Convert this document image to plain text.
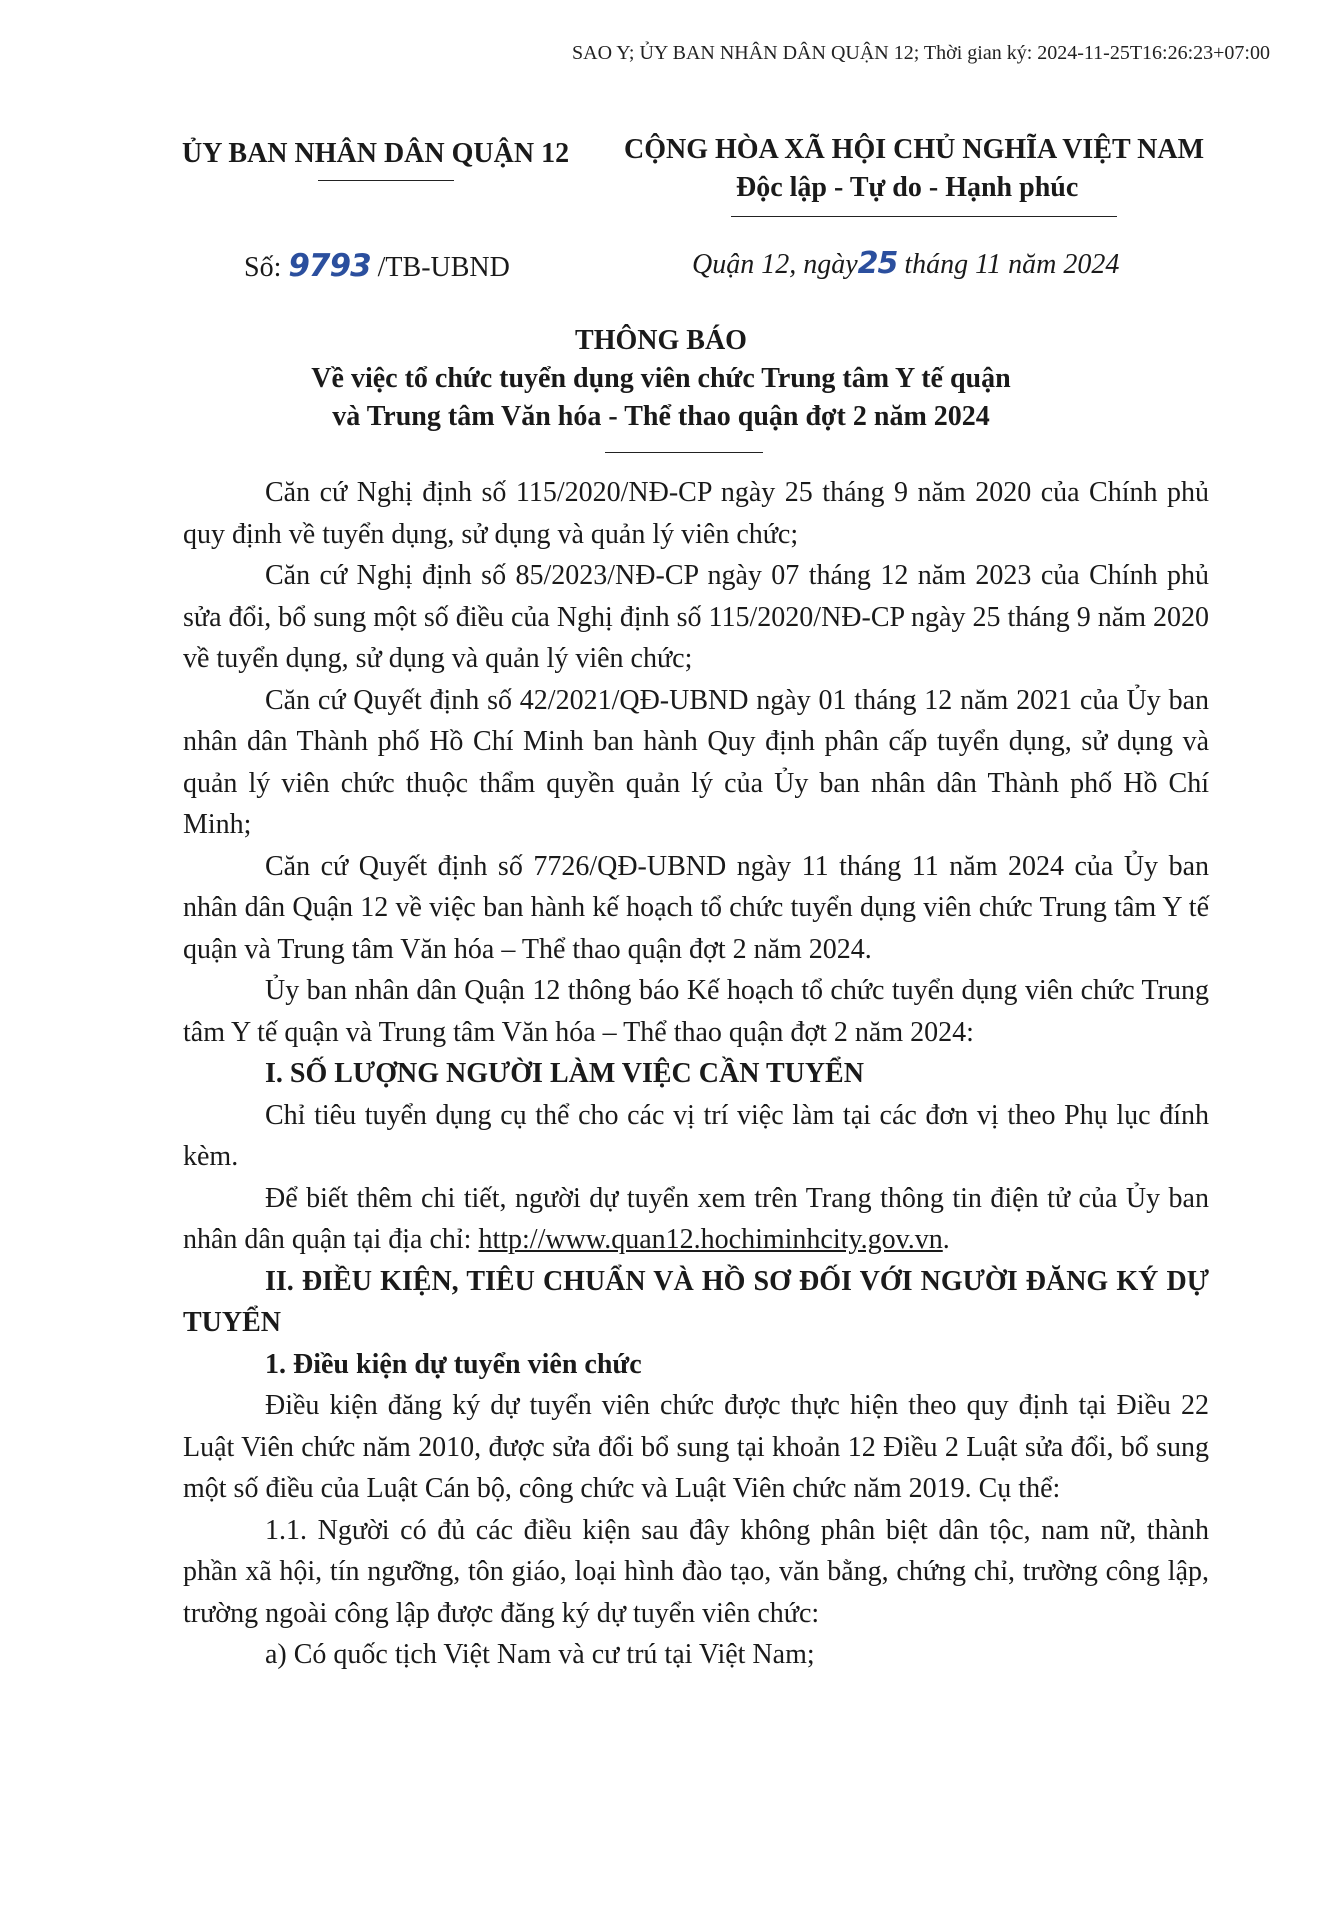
SAO Y; ỦY BAN NHÂN DÂN QUẬN 12; Thời gian ký: 2024-11-25T16:26:23+07:00
ỦY BAN NHÂN DÂN QUẬN 12 CỘNG HÒA XÃ HỘI CHỦ NGHĨA VIỆT NAM
Độc lập - Tự do - Hạnh phúc
Số: 9793 /TB-UBND	Quận 12, ngày25 tháng 11 năm 2024
THÔNG BÁO
Về việc tổ chức tuyển dụng viên chức Trung tâm Y tế quận
và Trung tâm Văn hóa - Thể thao quận đợt 2 năm 2024

Căn cứ Nghị định số 115/2020/NĐ-CP ngày 25 tháng 9 năm 2020 của Chính phủ quy định về tuyển dụng, sử dụng và quản lý viên chức;

Căn cứ Nghị định số 85/2023/NĐ-CP ngày 07 tháng 12 năm 2023 của Chính phủ sửa đổi, bổ sung một số điều của Nghị định số 115/2020/NĐ-CP ngày 25 tháng 9 năm 2020 về tuyển dụng, sử dụng và quản lý viên chức;

Căn cứ Quyết định số 42/2021/QĐ-UBND ngày 01 tháng 12 năm 2021 của Ủy ban nhân dân Thành phố Hồ Chí Minh ban hành Quy định phân cấp tuyển dụng, sử dụng và quản lý viên chức thuộc thẩm quyền quản lý của Ủy ban nhân dân Thành phố Hồ Chí Minh;

Căn cứ Quyết định số 7726/QĐ-UBND ngày 11 tháng 11 năm 2024 của Ủy ban nhân dân Quận 12 về việc ban hành kế hoạch tổ chức tuyển dụng viên chức Trung tâm Y tế quận và Trung tâm Văn hóa – Thể thao quận đợt 2 năm 2024.

Ủy ban nhân dân Quận 12 thông báo Kế hoạch tổ chức tuyển dụng viên chức Trung tâm Y tế quận và Trung tâm Văn hóa – Thể thao quận đợt 2 năm 2024:

I. SỐ LƯỢNG NGƯỜI LÀM VIỆC CẦN TUYỂN

Chỉ tiêu tuyển dụng cụ thể cho các vị trí việc làm tại các đơn vị theo Phụ lục đính kèm.

Để biết thêm chi tiết, người dự tuyển xem trên Trang thông tin điện tử của Ủy ban nhân dân quận tại địa chỉ: http://www.quan12.hochiminhcity.gov.vn.

II. ĐIỀU KIỆN, TIÊU CHUẨN VÀ HỒ SƠ ĐỐI VỚI NGƯỜI ĐĂNG KÝ DỰ TUYỂN
1. Điều kiện dự tuyển viên chức

Điều kiện đăng ký dự tuyển viên chức được thực hiện theo quy định tại Điều 22 Luật Viên chức năm 2010, được sửa đổi bổ sung tại khoản 12 Điều 2 Luật sửa đổi, bổ sung một số điều của Luật Cán bộ, công chức và Luật Viên chức năm 2019. Cụ thể:

1.1. Người có đủ các điều kiện sau đây không phân biệt dân tộc, nam nữ, thành phần xã hội, tín ngưỡng, tôn giáo, loại hình đào tạo, văn bằng, chứng chỉ, trường công lập, trường ngoài công lập được đăng ký dự tuyển viên chức:

a) Có quốc tịch Việt Nam và cư trú tại Việt Nam;
